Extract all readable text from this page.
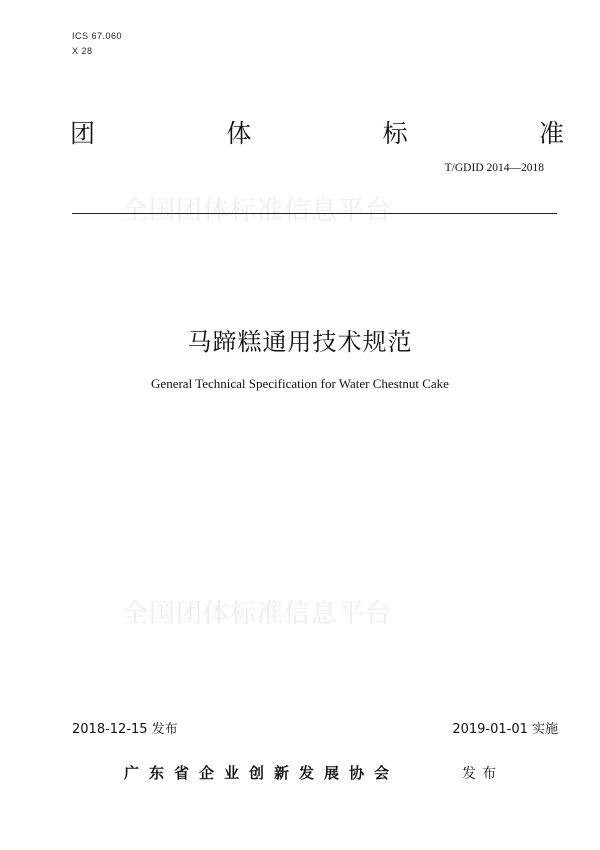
ICS 67.060
X 28
团	体	标	准
T/GDID 2014—2018
全国团体标准信息平台
马蹄糕通用技术规范
General Technical Specification for Water Chestnut Cake
全国团体标准信息平台
2018-12-15 发布	2019-01-01 实施
广东省企业创新发展协会	发布
